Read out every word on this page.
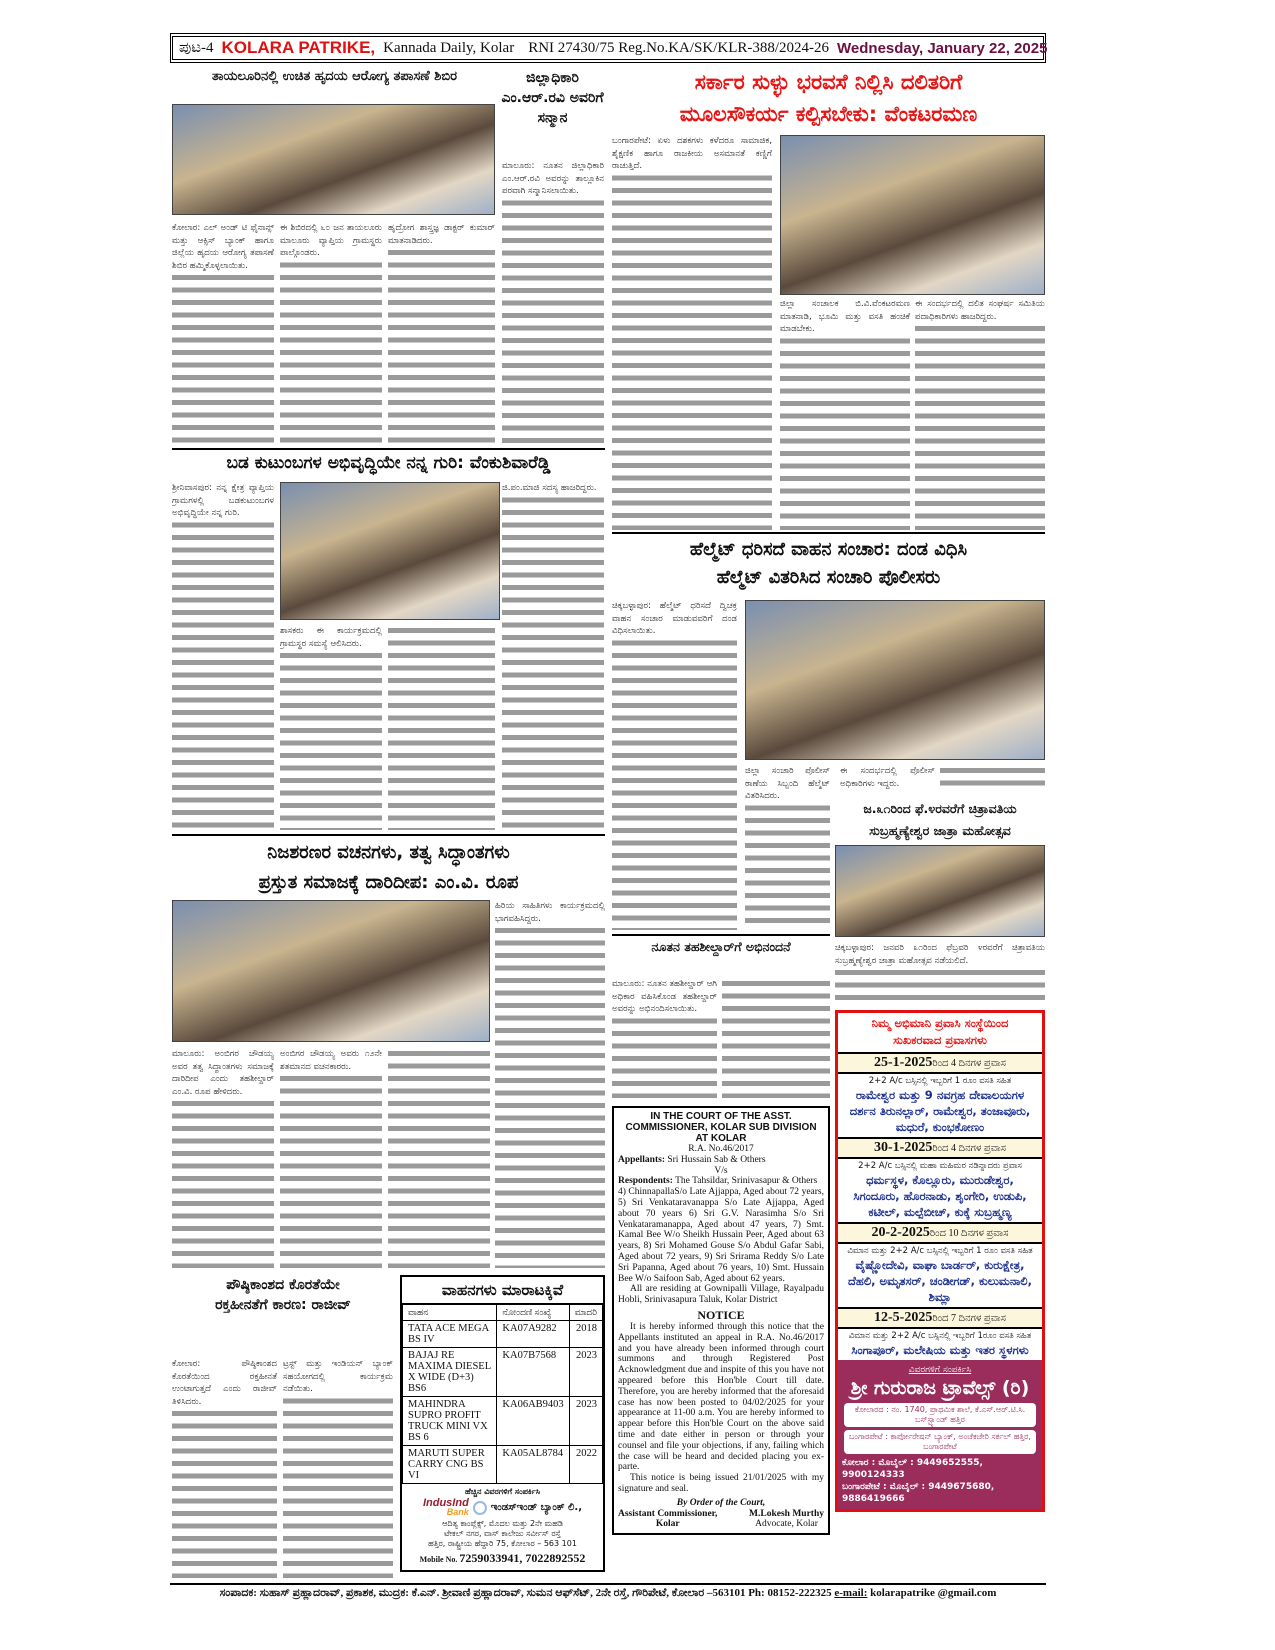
ಪುಟ-4 KOLARA PATRIKE, Kannada Daily, Kolar RNI 27430/75 Reg.No.KA/SK/KLR-388/2024-26 Wednesday, January 22, 2025
ತಾಯಲೂರಿನಲ್ಲಿ ಉಚಿತ ಹೃದಯ ಆರೋಗ್ಯ ತಪಾಸಣೆ ಶಿಬಿರ

ಕೋಲಾರ: ಎಲ್ ಅಂಡ್ ಟಿ ಫೈನಾನ್ಸ್ ಮತ್ತು ಆಕ್ಸಿಸ್ ಬ್ಯಾಂಕ್ ಹಾಗೂ ಜಿಲ್ಲೆಯ ಹೃದಯ ಆರೋಗ್ಯ ತಪಾಸಣೆ ಶಿಬಿರ ಹಮ್ಮಿಕೊಳ್ಳಲಾಯಿತು.

ಈ ಶಿಬಿರದಲ್ಲಿ ೬೦ ಜನ ತಾಯಲೂರು ಮಾಲೂರು ವ್ಯಾಪ್ತಿಯ ಗ್ರಾಮಸ್ಥರು ಪಾಲ್ಗೊಂಡರು.

ಹೃದ್ರೋಗ ಶಾಸ್ತ್ರಜ್ಞ ಡಾಕ್ಟರ್ ಕುಮಾರ್ ಮಾತನಾಡಿದರು.

ಜಿಲ್ಲಾಧಿಕಾರಿ ಎಂ.ಆರ್.ರವಿ ಅವರಿಗೆ ಸನ್ಮಾನ

ಮಾಲೂರು: ನೂತನ ಜಿಲ್ಲಾಧಿಕಾರಿ ಎಂ.ಆರ್.ರವಿ ಅವರನ್ನು ತಾಲ್ಲೂಕಿನ ಪರವಾಗಿ ಸನ್ಮಾನಿಸಲಾಯಿತು.

ಸರ್ಕಾರ ಸುಳ್ಳು ಭರವಸೆ ನಿಲ್ಲಿಸಿ ದಲಿತರಿಗೆ
ಮೂಲಸೌಕರ್ಯ ಕಲ್ಪಿಸಬೇಕು: ವೆಂಕಟರಮಣ

ಬಂಗಾರಪೇಟೆ: ಏಳು ದಶಕಗಳು ಕಳೆದರೂ ಸಾಮಾಜಿಕ, ಶೈಕ್ಷಣಿಕ ಹಾಗೂ ರಾಜಕೀಯ ಅಸಮಾನತೆ ಕಣ್ಣಿಗೆ ರಾಚುತ್ತಿದೆ.

ಜಿಲ್ಲಾ ಸಂಚಾಲಕ ಬಿ.ವಿ.ವೆಂಕಟರಮಣ ಮಾತನಾಡಿ, ಭೂಮಿ ಮತ್ತು ವಸತಿ ಹಂಚಿಕೆ ಮಾಡಬೇಕು.

ಈ ಸಂದರ್ಭದಲ್ಲಿ ದಲಿತ ಸಂಘರ್ಷ ಸಮಿತಿಯ ಪದಾಧಿಕಾರಿಗಳು ಹಾಜರಿದ್ದರು.

ಬಡ ಕುಟುಂಬಗಳ ಅಭಿವೃದ್ಧಿಯೇ ನನ್ನ ಗುರಿ: ವೆಂಕುಶಿವಾರೆಡ್ಡಿ

ಶ್ರೀನಿವಾಸಪುರ: ನನ್ನ ಕ್ಷೇತ್ರ ವ್ಯಾಪ್ತಿಯ ಗ್ರಾಮಗಳಲ್ಲಿ ಬಡಕುಟುಂಬಗಳ ಅಭಿವೃದ್ಧಿಯೇ ನನ್ನ ಗುರಿ.

ಶಾಸಕರು ಈ ಕಾರ್ಯಕ್ರಮದಲ್ಲಿ ಗ್ರಾಮಸ್ಥರ ಸಮಸ್ಯೆ ಆಲಿಸಿದರು.

ಜಿ.ಪಂ.ಮಾಜಿ ಸದಸ್ಯ ಹಾಜರಿದ್ದರು.

ಹೆಲ್ಮೆಟ್ ಧರಿಸದೆ ವಾಹನ ಸಂಚಾರ: ದಂಡ ವಿಧಿಸಿ
ಹೆಲ್ಮೆಟ್ ವಿತರಿಸಿದ ಸಂಚಾರಿ ಪೊಲೀಸರು

ಚಿಕ್ಕಬಳ್ಳಾಪುರ: ಹೆಲ್ಮೆಟ್ ಧರಿಸದೆ ದ್ವಿಚಕ್ರ ವಾಹನ ಸಂಚಾರ ಮಾಡುವವರಿಗೆ ದಂಡ ವಿಧಿಸಲಾಯಿತು.

ಜಿಲ್ಲಾ ಸಂಚಾರಿ ಪೊಲೀಸ್ ಠಾಣೆಯ ಸಿಬ್ಬಂದಿ ಹೆಲ್ಮೆಟ್ ವಿತರಿಸಿದರು.

ಈ ಸಂದರ್ಭದಲ್ಲಿ ಪೊಲೀಸ್ ಅಧಿಕಾರಿಗಳು ಇದ್ದರು.

ಜ.೩೧ರಿಂದ ಫೆ.೪ರವರೆಗೆ ಚಿತ್ರಾವತಿಯ
ಸುಬ್ರಹ್ಮಣ್ಯೇಶ್ವರ ಜಾತ್ರಾ ಮಹೋತ್ಸವ

ಚಿಕ್ಕಬಳ್ಳಾಪುರ: ಜನವರಿ ೩೧ರಿಂದ ಫೆಬ್ರವರಿ ೪ರವರೆಗೆ ಚಿತ್ರಾವತಿಯ ಸುಬ್ರಹ್ಮಣ್ಯೇಶ್ವರ ಜಾತ್ರಾ ಮಹೋತ್ಸವ ನಡೆಯಲಿದೆ.

ನಿಜಶರಣರ ವಚನಗಳು, ತತ್ವ ಸಿದ್ಧಾಂತಗಳು
ಪ್ರಸ್ತುತ ಸಮಾಜಕ್ಕೆ ದಾರಿದೀಪ: ಎಂ.ವಿ. ರೂಪ

ಹಿರಿಯ ಸಾಹಿತಿಗಳು ಕಾರ್ಯಕ್ರಮದಲ್ಲಿ ಭಾಗವಹಿಸಿದ್ದರು.

ಮಾಲೂರು: ಅಂಬಿಗರ ಚೌಡಯ್ಯ ಅವರ ತತ್ವ ಸಿದ್ಧಾಂತಗಳು ಸಮಾಜಕ್ಕೆ ದಾರಿದೀಪ ಎಂದು ತಹಶೀಲ್ದಾರ್ ಎಂ.ವಿ. ರೂಪ ಹೇಳಿದರು.

ಅಂಬಿಗರ ಚೌಡಯ್ಯ ಅವರು ೧೨ನೇ ಶತಮಾನದ ವಚನಕಾರರು.

ನೂತನ ತಹಶೀಲ್ದಾರ್‌ಗೆ ಅಭಿನಂದನೆ

ಮಾಲೂರು: ನೂತನ ತಹಶೀಲ್ದಾರ್ ಆಗಿ ಅಧಿಕಾರ ವಹಿಸಿಕೊಂಡ ತಹಶೀಲ್ದಾರ್ ಅವರನ್ನು ಅಭಿನಂದಿಸಲಾಯಿತು.

ಪೌಷ್ಠಿಕಾಂಶದ ಕೊರತೆಯೇ
ರಕ್ತಹೀನತೆಗೆ ಕಾರಣ: ರಾಜೀವ್

ಕೋಲಾರ: ಪೌಷ್ಠಿಕಾಂಶದ ಕೊರತೆಯಿಂದ ರಕ್ತಹೀನತೆ ಉಂಟಾಗುತ್ತದೆ ಎಂದು ರಾಜೀವ್ ತಿಳಿಸಿದರು.

ಟ್ರಸ್ಟ್ ಮತ್ತು ಇಂಡಿಯನ್ ಬ್ಯಾಂಕ್ ಸಹಯೋಗದಲ್ಲಿ ಕಾರ್ಯಕ್ರಮ ನಡೆಯಿತು.

ವಾಹನಗಳು ಮಾರಾಟಕ್ಕಿವೆ
ವಾಹನ	ನೋಂದಣಿ ಸಂಖ್ಯೆ	ಮಾದರಿ
TATA ACE MEGA BS IV	KA07A9282	2018
BAJAJ RE MAXIMA DIESEL X WIDE (D+3) BS6	KA07B7568	2023
MAHINDRA SUPRO PROFIT TRUCK MINI VX BS 6	KA06AB9403	2023
MARUTI SUPER CARRY CNG BS VI	KA05AL8784	2022
ಹೆಚ್ಚಿನ ವಿವರಗಳಿಗೆ ಸಂಪರ್ಕಿಸಿ
IndusInd
Bank ಇಂಡಸ್‌ಇಂಡ್ ಬ್ಯಾಂಕ್ ಲಿ.,
ಆದಿತ್ಯ ಕಾಂಪ್ಲೆಕ್ಸ್, ಮೊದಲ ಮತ್ತು 2ನೇ ಮಹಡಿ
ಟೇಕಲ್ ನಗರ, ವಾಸ್ ಕಾಲೇಜು ಸರ್ವೀಸ್ ರಸ್ತೆ
ಹತ್ತಿರ, ರಾಷ್ಟ್ರೀಯ ಹೆದ್ದಾರಿ 75, ಕೋಲಾರ – 563 101
Mobile No. 7259033941, 7022892552
IN THE COURT OF THE ASST. COMMISSIONER, KOLAR SUB DIVISION AT KOLAR
R.A. No.46/2017
Appellants: Sri Hussain Sab & Others
V/s
Respondents: The Tahsildar, Srinivasapur & Others
4) ChinnapallaS/o Late Ajjappa, Aged about 72 years, 5) Sri Venkataravanappa S/o Late Ajjappa, Aged about 70 years 6) Sri G.V. Narasimha S/o Sri Venkataramanappa, Aged about 47 years, 7) Smt. Kamal Bee W/o Sheikh Hussain Peer, Aged about 63 years, 8) Sri Mohamed Gouse S/o Abdul Gafar Sabi, Aged about 72 years, 9) Sri Srirama Reddy S/o Late Sri Papanna, Aged about 76 years, 10) Smt. Hussain Bee W/o Saifoon Sab, Aged about 62 years.
All are residing at Gownipalli Village, Rayalpadu Hobli, Srinivasapura Taluk, Kolar District
NOTICE
It is hereby informed through this notice that the Appellants instituted an appeal in R.A. No.46/2017 and you have already been informed through court summons and through Registered Post Acknowledgment due and inspite of this you have not appeared before this Hon'ble Court till date. Therefore, you are hereby informed that the aforesaid case has now been posted to 04/02/2025 for your appearance at 11-00 a.m. You are hereby informed to appear before this Hon'ble Court on the above said time and date either in person or through your counsel and file your objections, if any, failing which the case will be heard and decided placing you ex-parte.
This notice is being issued 21/01/2025 with my signature and seal.
By Order of the Court,
Assistant Commissioner,
Kolar
M.Lokesh Murthy
Advocate, Kolar
ನಿಮ್ಮ ಅಭಿಮಾನಿ ಪ್ರವಾಸಿ ಸಂಸ್ಥೆಯಿಂದ
ಸುಖಕರವಾದ ಪ್ರವಾಸಗಳು
25-1-2025ರಿಂದ 4 ದಿನಗಳ ಪ್ರವಾಸ
2+2 A/c ಬಸ್ಸಿನಲ್ಲಿ ಇಬ್ಬರಿಗೆ 1 ರೂಂ ವಸತಿ ಸಹಿತ
ರಾಮೇಶ್ವರ ಮತ್ತು 9 ನವಗ್ರಹ ದೇವಾಲಯಗಳ ದರ್ಶನ ತಿರುನಲ್ಲಾರ್, ರಾಮೇಶ್ವರ, ತಂಜಾವೂರು, ಮಧುರೆ, ಕುಂಭಕೋಣಂ
30-1-2025ರಿಂದ 4 ದಿನಗಳ ಪ್ರವಾಸ
2+2 A/c ಬಸ್ಸಿನಲ್ಲಿ ಮಹಾ ಮಹಿಮರ ನಡಿನ್ನಾದರು ಪ್ರವಾಸ
ಧರ್ಮಸ್ಥಳ, ಕೊಲ್ಲೂರು, ಮುರುಡೇಶ್ವರ, ಸಿಗಂದೂರು, ಹೊರನಾಡು, ಶೃಂಗೇರಿ, ಉಡುಪಿ, ಕಟೀಲ್, ಮಲ್ಪೆಬೀಚ್, ಕುಕ್ಕೆ ಸುಬ್ರಹ್ಮಣ್ಯ
20-2-2025ರಿಂದ 10 ದಿನಗಳ ಪ್ರವಾಸ
ವಿಮಾನ ಮತ್ತು 2+2 A/c ಬಸ್ಸಿನಲ್ಲಿ ಇಬ್ಬರಿಗೆ 1 ರೂಂ ವಸತಿ ಸಹಿತ
ವೈಷ್ಣೋದೇವಿ, ವಾಘಾ ಬಾರ್ಡರ್, ಕುರುಕ್ಷೇತ್ರ, ದೆಹಲಿ, ಅಮೃತಸರ್, ಚಂಡೀಗಡ್, ಕುಲುಮನಾಲಿ, ಶಿಮ್ಲಾ
12-5-2025ರಿಂದ 7 ದಿನಗಳ ಪ್ರವಾಸ
ವಿಮಾನ ಮತ್ತು 2+2 A/c ಬಸ್ಸಿನಲ್ಲಿ ಇಬ್ಬರಿಗೆ 1ರೂಂ ವಸತಿ ಸಹಿತ
ಸಿಂಗಾಪೂರ್, ಮಲೇಷಿಯ ಮತ್ತು ಇತರ ಸ್ಥಳಗಳು
ವಿವರಗಳಿಗೆ ಸಂಪರ್ಕಿಸಿ
ಶ್ರೀ ಗುರುರಾಜ ಟ್ರಾವೆಲ್ಸ್ (ರಿ)
ಕೋಲಾರದ : ನಂ. 1740, ಪ್ರಾಥಮಿಕ ಶಾಲೆ, ಕೆ.ಎಸ್.ಆರ್.ಟಿ.ಸಿ. ಬಸ್‌ಸ್ಟ್ಯಾಂಡ್ ಹತ್ತಿರ
ಬಂಗಾರಪೇಟೆ : ಕಾರ್ಪೋರೇಷನ್ ಬ್ಯಾಂಕ್, ಅಂಚೆಕಚೇರಿ ಸರ್ಕಲ್ ಹತ್ತಿರ, ಬಂಗಾರಪೇಟೆ
ಕೋಲಾರ : ಮೊಬೈಲ್ : 9449652555, 9900124333
ಬಂಗಾರಪೇಟೆ : ಮೊಬೈಲ್ : 9449675680, 9886419666
ಸಂಪಾದಕ: ಸುಹಾಸ್ ಪ್ರಹ್ಲಾದರಾವ್, ಪ್ರಕಾಶಕ, ಮುದ್ರಕ: ಕೆ.ಎನ್. ಶ್ರೀವಾಣಿ ಪ್ರಹ್ಲಾದರಾವ್, ಸುಮನ ಆಫ್‌ಸೆಟ್, 2ನೇ ರಸ್ತೆ, ಗೌರಿಪೇಟೆ, ಕೋಲಾರ –563101 Ph: 08152-222325 e-mail: kolarapatrike @gmail.com
